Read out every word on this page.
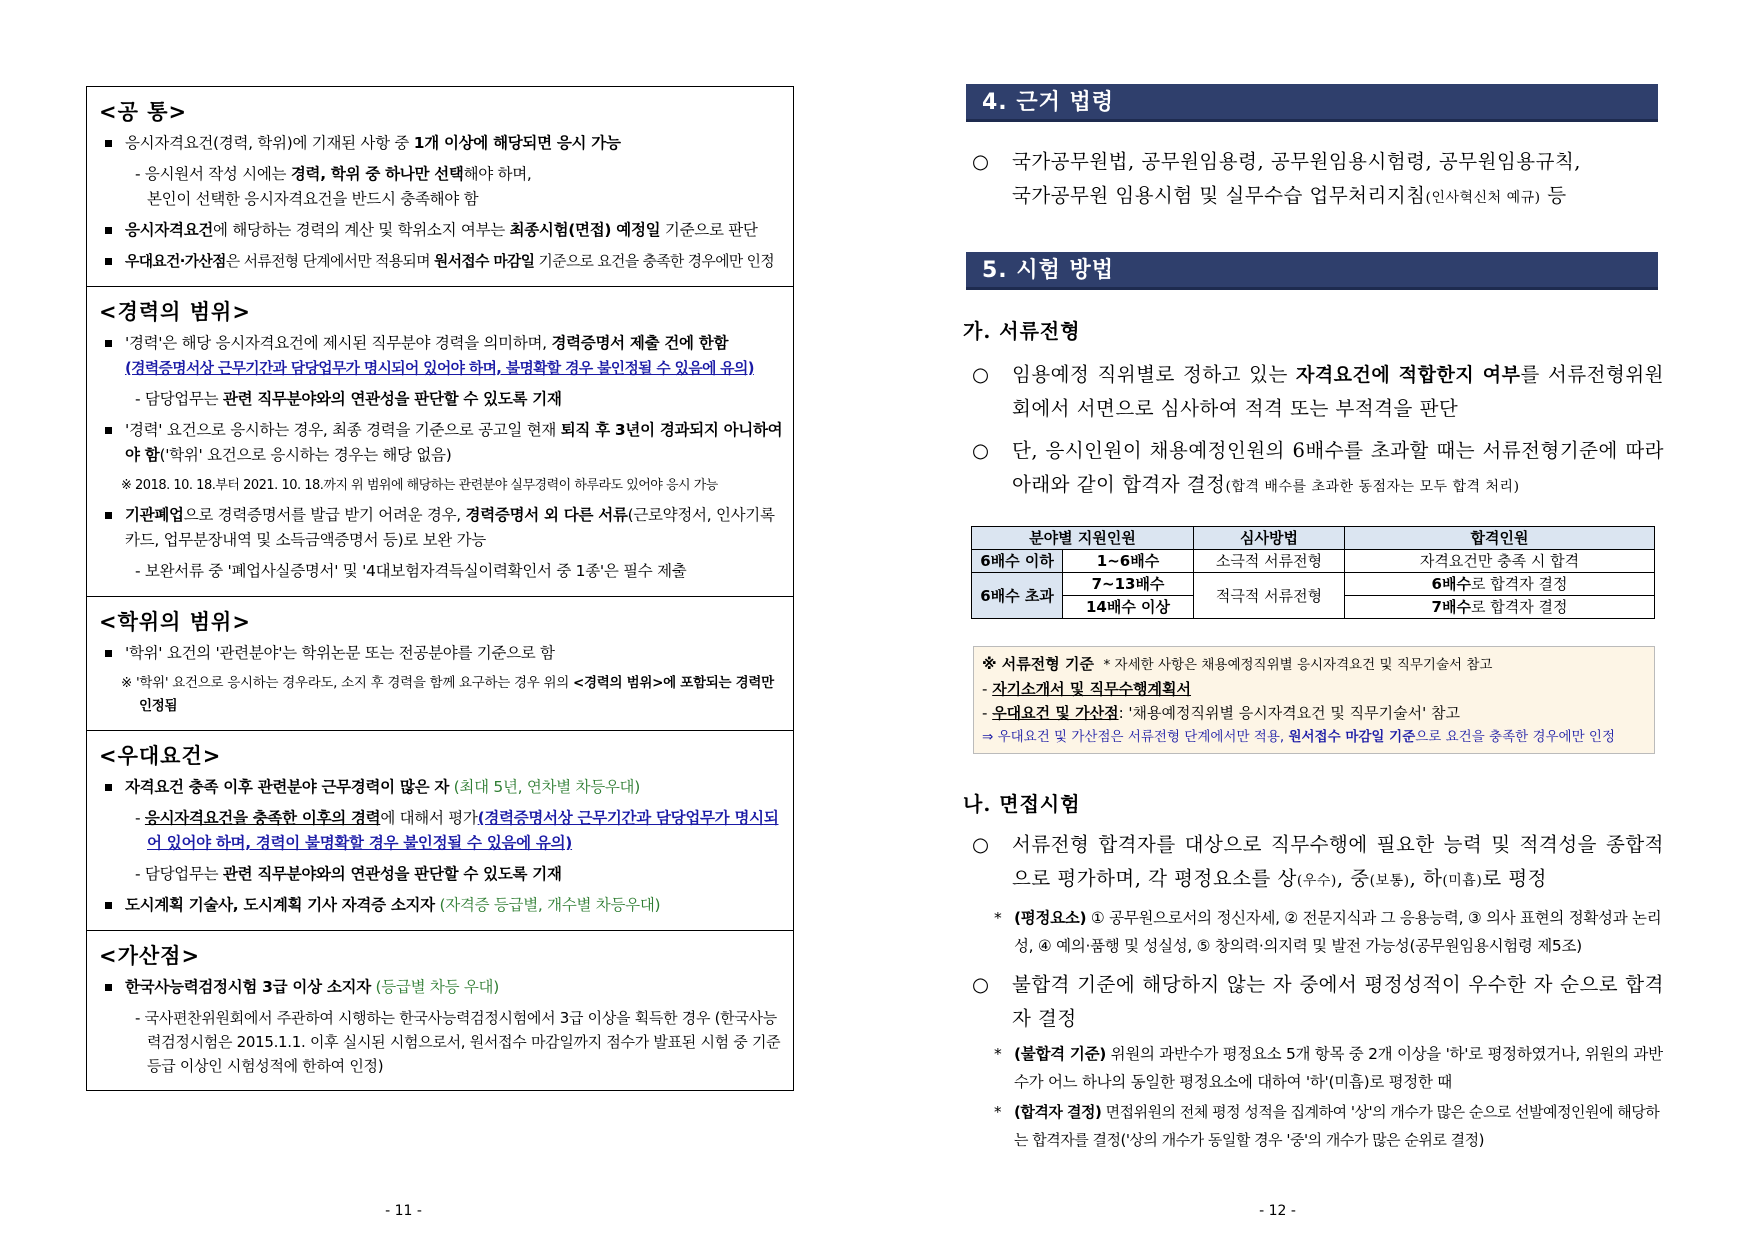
<공 통>
응시자격요건(경력, 학위)에 기재된 사항 중 1개 이상에 해당되면 응시 가능
- 응시원서 작성 시에는 경력, 학위 중 하나만 선택해야 하며,
본인이 선택한 응시자격요건을 반드시 충족해야 함
응시자격요건에 해당하는 경력의 계산 및 학위소지 여부는 최종시험(면접) 예정일 기준으로 판단
우대요건·가산점은 서류전형 단계에서만 적용되며 원서접수 마감일 기준으로 요건을 충족한 경우에만 인정
<경력의 범위>
'경력'은 해당 응시자격요건에 제시된 직무분야 경력을 의미하며, 경력증명서 제출 건에 한함
(경력증명서상 근무기간과 담당업무가 명시되어 있어야 하며, 불명확할 경우 불인정될 수 있음에 유의)
- 담당업무는 관련 직무분야와의 연관성을 판단할 수 있도록 기재
'경력' 요건으로 응시하는 경우, 최종 경력을 기준으로 공고일 현재 퇴직 후 3년이 경과되지 아니하여야 함('학위' 요건으로 응시하는 경우는 해당 없음)
※ 2018. 10. 18.부터 2021. 10. 18.까지 위 범위에 해당하는 관련분야 실무경력이 하루라도 있어야 응시 가능
기관폐업으로 경력증명서를 발급 받기 어려운 경우, 경력증명서 외 다른 서류(근로약정서, 인사기록카드, 업무분장내역 및 소득금액증명서 등)로 보완 가능
- 보완서류 중 '폐업사실증명서' 및 '4대보험자격득실이력확인서 중 1종'은 필수 제출
<학위의 범위>
'학위' 요건의 '관련분야'는 학위논문 또는 전공분야를 기준으로 함
※ '학위' 요건으로 응시하는 경우라도, 소지 후 경력을 함께 요구하는 경우 위의 <경력의 범위>에 포함되는 경력만 인정됨
<우대요건>
자격요건 충족 이후 관련분야 근무경력이 많은 자 (최대 5년, 연차별 차등우대)
- 응시자격요건을 충족한 이후의 경력에 대해서 평가(경력증명서상 근무기간과 담당업무가 명시되어 있어야 하며, 경력이 불명확할 경우 불인정될 수 있음에 유의)
- 담당업무는 관련 직무분야와의 연관성을 판단할 수 있도록 기재
도시계획 기술사, 도시계획 기사 자격증 소지자 (자격증 등급별, 개수별 차등우대)
<가산점>
한국사능력검정시험 3급 이상 소지자 (등급별 차등 우대)
- 국사편찬위원회에서 주관하여 시행하는 한국사능력검정시험에서 3급 이상을 획득한 경우 (한국사능력검정시험은 2015.1.1. 이후 실시된 시험으로서, 원서접수 마감일까지 점수가 발표된 시험 중 기준등급 이상인 시험성적에 한하여 인정)
- 11 -
4. 근거 법령
○ 국가공무원법, 공무원임용령, 공무원임용시험령, 공무원임용규칙,
국가공무원 임용시험 및 실무수습 업무처리지침(인사혁신처 예규) 등
5. 시험 방법
가. 서류전형
○ 임용예정 직위별로 정하고 있는 자격요건에 적합한지 여부를 서류전형위원회에서 서면으로 심사하여 적격 또는 부적격을 판단
○ 단, 응시인원이 채용예정인원의 6배수를 초과할 때는 서류전형기준에 따라 아래와 같이 합격자 결정(합격 배수를 초과한 동점자는 모두 합격 처리)
분야별 지원인원		심사방법	합격인원
6배수 이하	1~6배수	소극적 서류전형	자격요건만 충족 시 합격
6배수 초과	7~13배수	적극적 서류전형	6배수로 합격자 결정
	14배수 이상		7배수로 합격자 결정
※ 서류전형 기준 * 자세한 사항은 채용예정직위별 응시자격요건 및 직무기술서 참고
- 자기소개서 및 직무수행계획서
- 우대요건 및 가산점: '채용예정직위별 응시자격요건 및 직무기술서' 참고
⇒ 우대요건 및 가산점은 서류전형 단계에서만 적용, 원서접수 마감일 기준으로 요건을 충족한 경우에만 인정
나. 면접시험
○ 서류전형 합격자를 대상으로 직무수행에 필요한 능력 및 적격성을 종합적으로 평가하며, 각 평정요소를 상(우수), 중(보통), 하(미흡)로 평정
* (평정요소) ① 공무원으로서의 정신자세, ② 전문지식과 그 응용능력, ③ 의사 표현의 정확성과 논리성, ④ 예의·품행 및 성실성, ⑤ 창의력·의지력 및 발전 가능성(공무원임용시험령 제5조)
○ 불합격 기준에 해당하지 않는 자 중에서 평정성적이 우수한 자 순으로 합격자 결정
* (불합격 기준) 위원의 과반수가 평정요소 5개 항목 중 2개 이상을 '하'로 평정하였거나, 위원의 과반수가 어느 하나의 동일한 평정요소에 대하여 '하'(미흡)로 평정한 때
* (합격자 결정) 면접위원의 전체 평정 성적을 집계하여 '상'의 개수가 많은 순으로 선발예정인원에 해당하는 합격자를 결정('상의 개수가 동일할 경우 '중'의 개수가 많은 순위로 결정)
- 12 -
